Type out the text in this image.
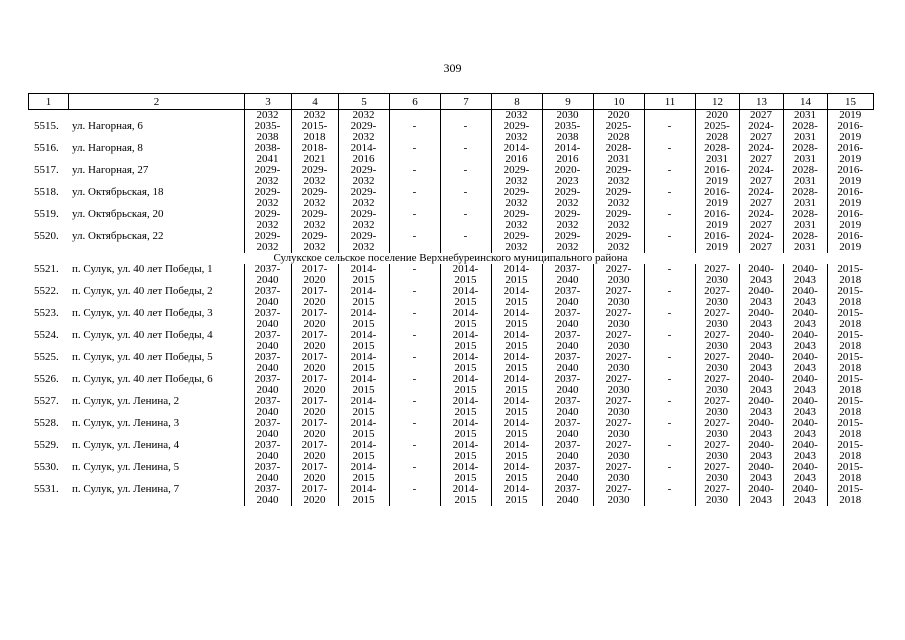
309
1	2	3	4	5	6	7	8	9	10	11	12	13	14	15
		2032	2032	2032			2032	2030	2020		2020	2027	2031	2019
5515.	ул. Нагорная, 6	2035-	2015-	2029-	-	-	2029-	2035-	2025-	-	2025-	2024-	2028-	2016-
		2038	2018	2032			2032	2038	2028		2028	2027	2031	2019
5516.	ул. Нагорная, 8	2038-	2018-	2014-	-	-	2014-	2014-	2028-	-	2028-	2024-	2028-	2016-
		2041	2021	2016			2016	2016	2031		2031	2027	2031	2019
5517.	ул. Нагорная, 27	2029-	2029-	2029-	-	-	2029-	2020-	2029-	-	2016-	2024-	2028-	2016-
		2032	2032	2032			2032	2023	2032		2019	2027	2031	2019
5518.	ул. Октябрьская, 18	2029-	2029-	2029-	-	-	2029-	2029-	2029-	-	2016-	2024-	2028-	2016-
		2032	2032	2032			2032	2032	2032		2019	2027	2031	2019
5519.	ул. Октябрьская, 20	2029-	2029-	2029-	-	-	2029-	2029-	2029-	-	2016-	2024-	2028-	2016-
		2032	2032	2032			2032	2032	2032		2019	2027	2031	2019
5520.	ул. Октябрьская, 22	2029-	2029-	2029-	-	-	2029-	2029-	2029-	-	2016-	2024-	2028-	2016-
		2032	2032	2032			2032	2032	2032		2019	2027	2031	2019
Сулукское сельское поселение Верхнебуреинского муниципального района														
5521.	п. Сулук, ул. 40 лет Победы, 1	2037-	2017-	2014-	-	2014-	2014-	2037-	2027-	-	2027-	2040-	2040-	2015-
		2040	2020	2015		2015	2015	2040	2030		2030	2043	2043	2018
5522.	п. Сулук, ул. 40 лет Победы, 2	2037-	2017-	2014-	-	2014-	2014-	2037-	2027-	-	2027-	2040-	2040-	2015-
		2040	2020	2015		2015	2015	2040	2030		2030	2043	2043	2018
5523.	п. Сулук, ул. 40 лет Победы, 3	2037-	2017-	2014-	-	2014-	2014-	2037-	2027-	-	2027-	2040-	2040-	2015-
		2040	2020	2015		2015	2015	2040	2030		2030	2043	2043	2018
5524.	п. Сулук, ул. 40 лет Победы, 4	2037-	2017-	2014-	-	2014-	2014-	2037-	2027-	-	2027-	2040-	2040-	2015-
		2040	2020	2015		2015	2015	2040	2030		2030	2043	2043	2018
5525.	п. Сулук, ул. 40 лет Победы, 5	2037-	2017-	2014-	-	2014-	2014-	2037-	2027-	-	2027-	2040-	2040-	2015-
		2040	2020	2015		2015	2015	2040	2030		2030	2043	2043	2018
5526.	п. Сулук, ул. 40 лет Победы, 6	2037-	2017-	2014-	-	2014-	2014-	2037-	2027-	-	2027-	2040-	2040-	2015-
		2040	2020	2015		2015	2015	2040	2030		2030	2043	2043	2018
5527.	п. Сулук, ул. Ленина, 2	2037-	2017-	2014-	-	2014-	2014-	2037-	2027-	-	2027-	2040-	2040-	2015-
		2040	2020	2015		2015	2015	2040	2030		2030	2043	2043	2018
5528.	п. Сулук, ул. Ленина, 3	2037-	2017-	2014-	-	2014-	2014-	2037-	2027-	-	2027-	2040-	2040-	2015-
		2040	2020	2015		2015	2015	2040	2030		2030	2043	2043	2018
5529.	п. Сулук, ул. Ленина, 4	2037-	2017-	2014-	-	2014-	2014-	2037-	2027-	-	2027-	2040-	2040-	2015-
		2040	2020	2015		2015	2015	2040	2030		2030	2043	2043	2018
5530.	п. Сулук, ул. Ленина, 5	2037-	2017-	2014-	-	2014-	2014-	2037-	2027-	-	2027-	2040-	2040-	2015-
		2040	2020	2015		2015	2015	2040	2030		2030	2043	2043	2018
5531.	п. Сулук, ул. Ленина, 7	2037-	2017-	2014-	-	2014-	2014-	2037-	2027-	-	2027-	2040-	2040-	2015-
		2040	2020	2015		2015	2015	2040	2030		2030	2043	2043	2018
